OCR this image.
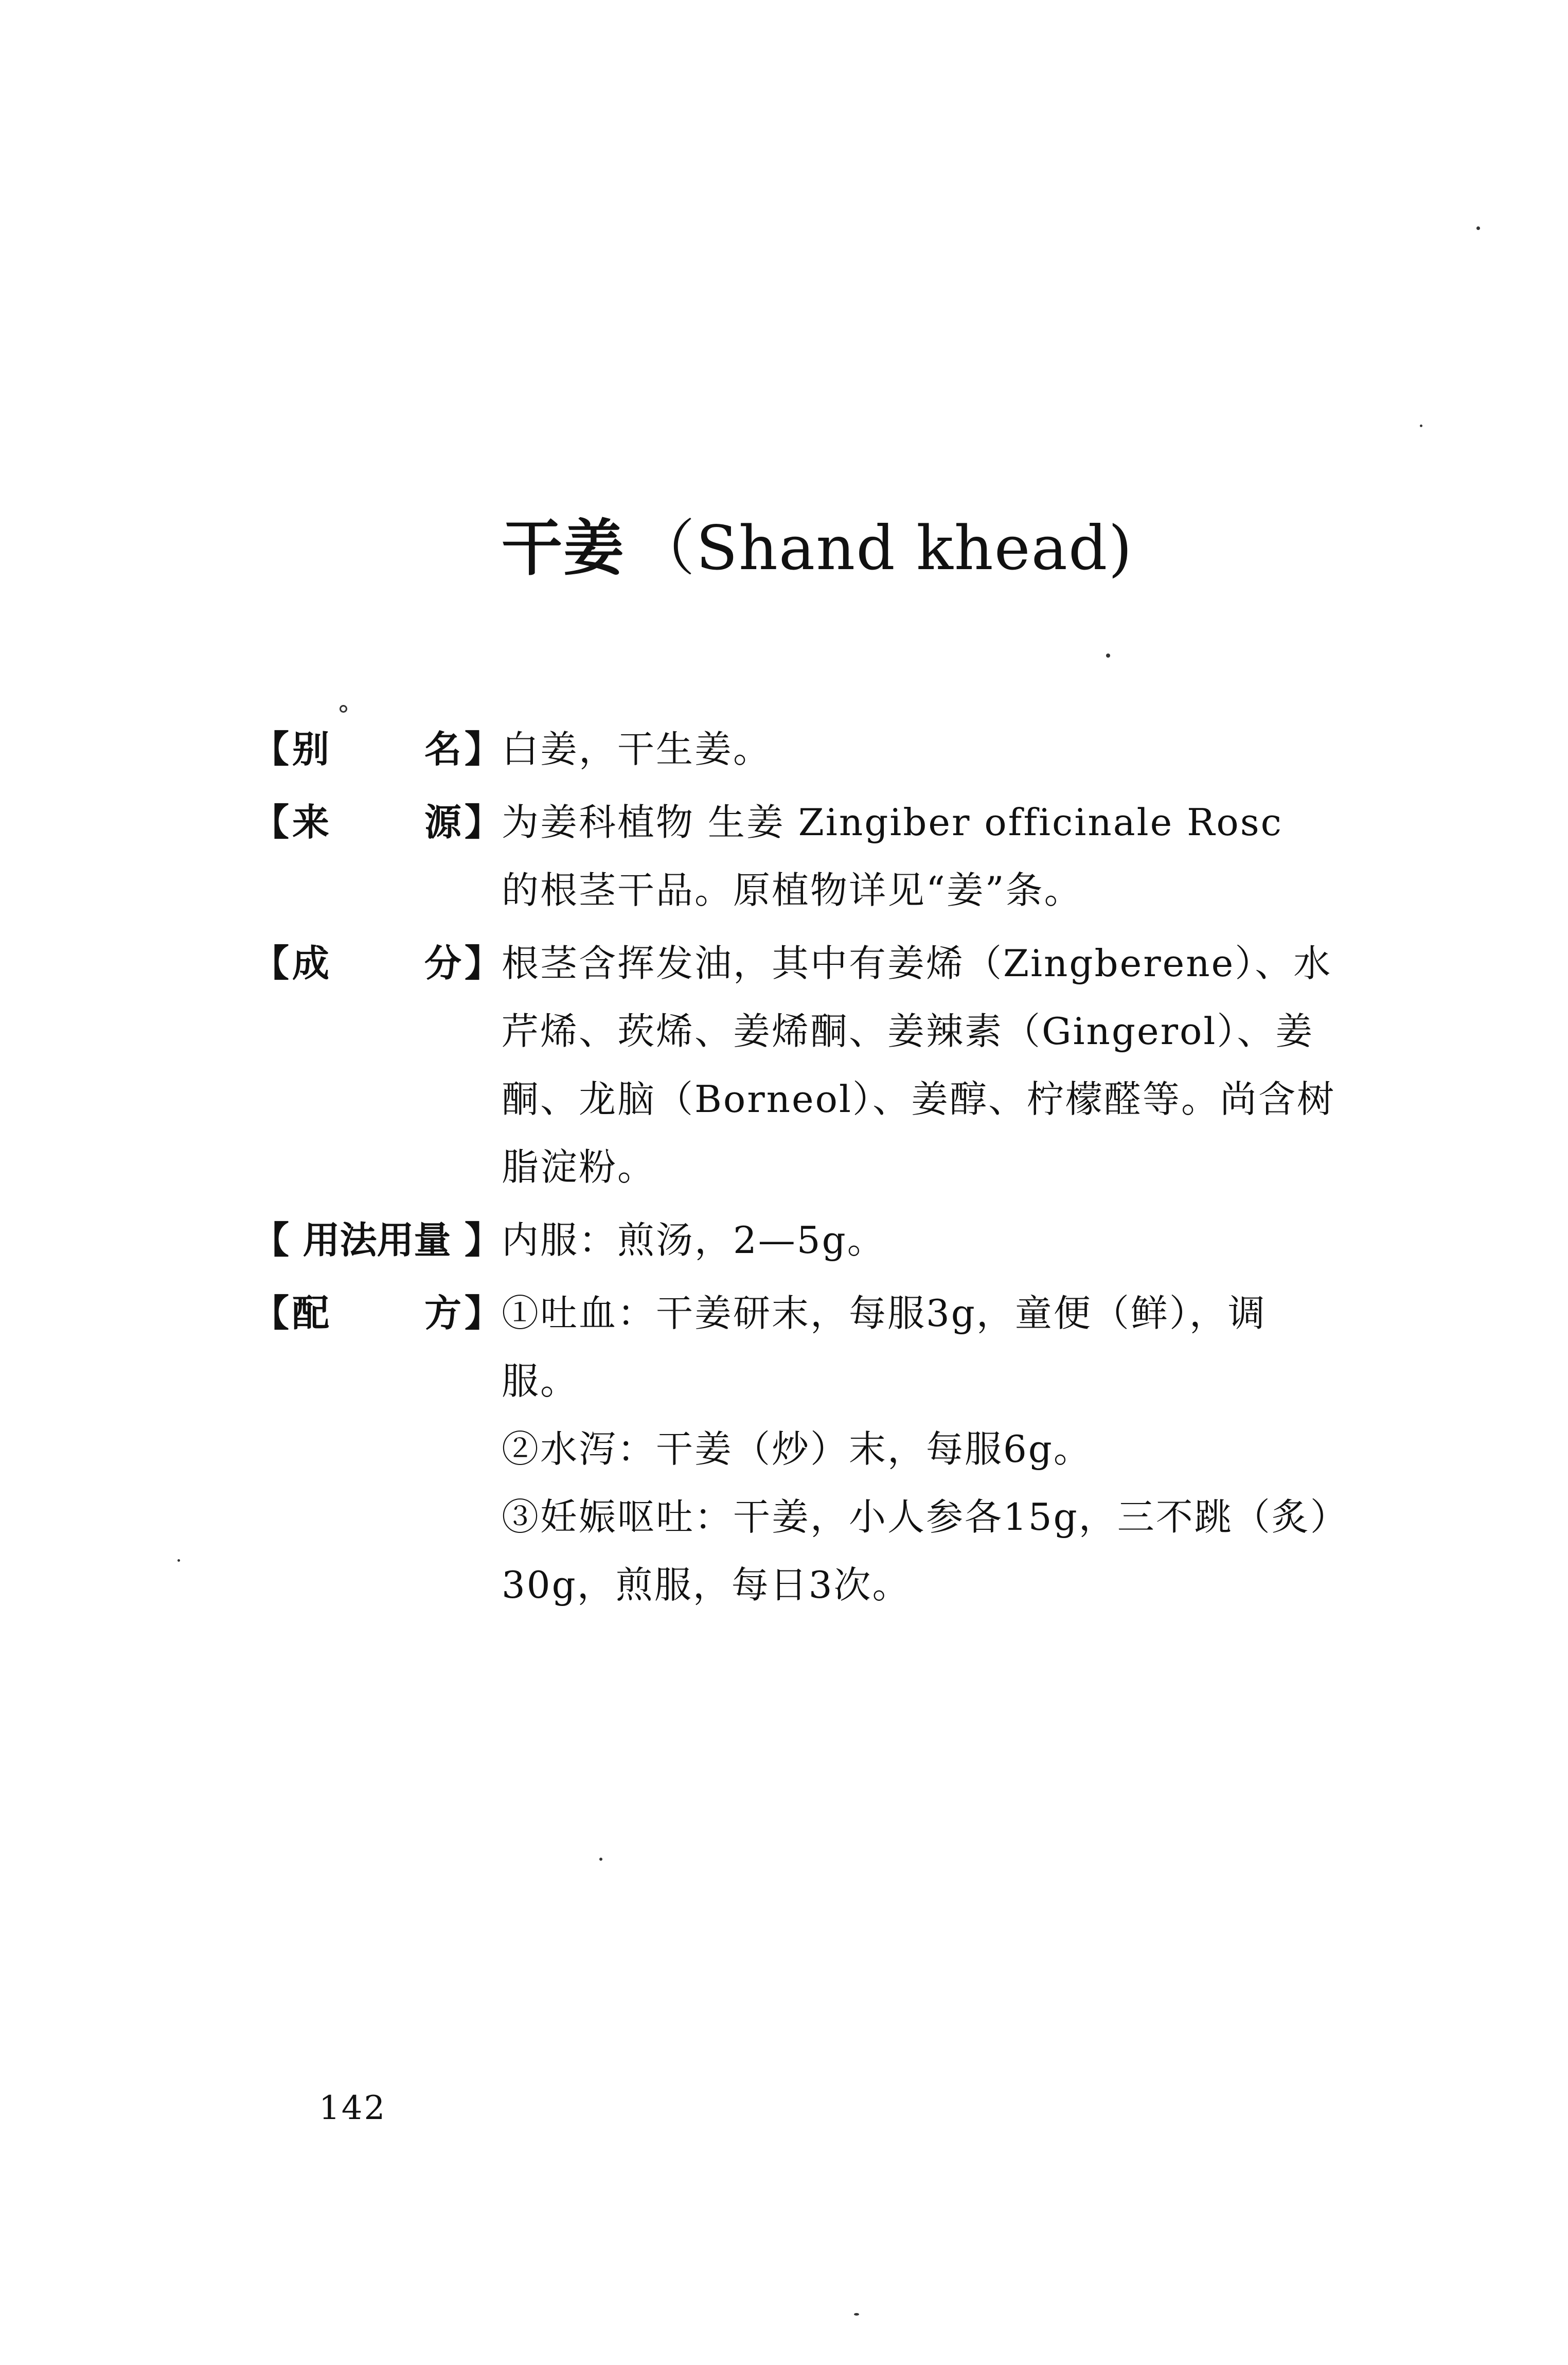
干姜 （Shand khead)
【 别	名 】 白姜，干生姜。
【 来	源 】 为姜科植物 生姜 Zingiber officinale Rosc
的根茎干品。原植物详见“姜”条。
【 成	分 】 根茎含挥发油，其中有姜烯（Zingberene）、水
芹烯、莰烯、姜烯酮、姜辣素（Gingerol）、姜
酮、龙脑（Borneol）、姜醇、柠檬醛等。尚含树
脂淀粉。
【 用法用量 】 内服：煎汤，2—5g。
【 配	方 】 ①吐血：干姜研末，每服3g，童便（鲜），调
服。
②水泻：干姜（炒）末，每服6g。
③妊娠呕吐：干姜，小人参各15g，三不跳（炙）
30g，煎服，每日3次。
142
